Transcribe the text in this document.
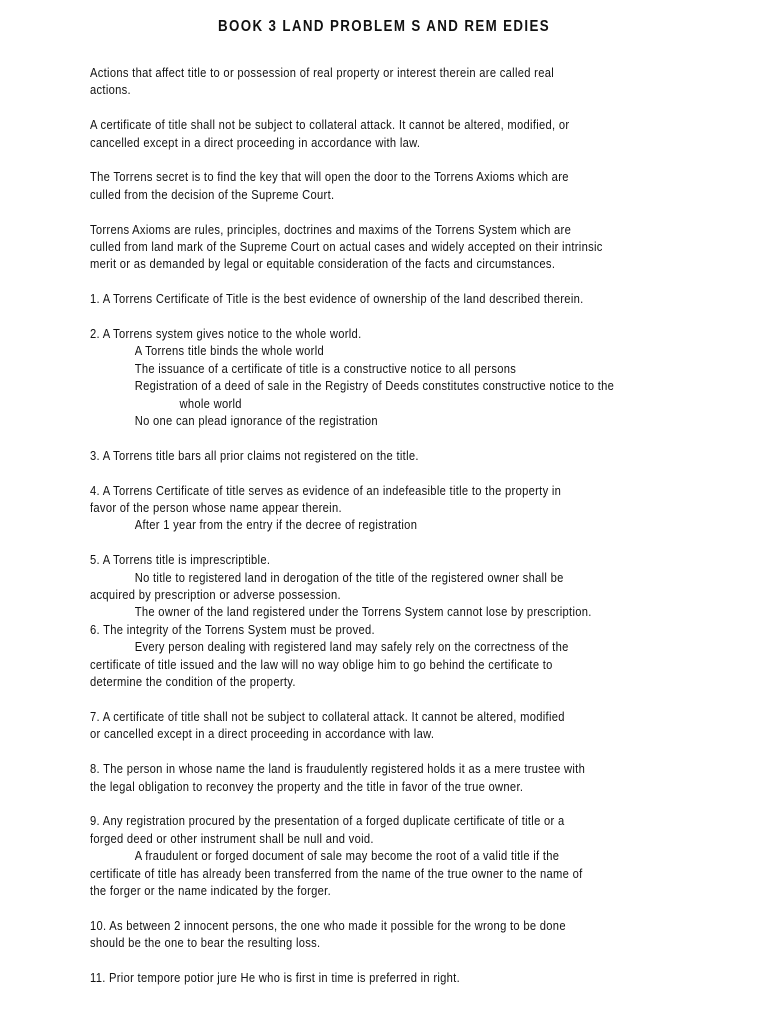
BOOK 3 LAND PROBLEM S AND REM EDIES
Actions that affect title to or possession of real property or interest therein are called real
actions.
A certificate of title shall not be subject to collateral attack. It cannot be altered, modified, or
cancelled except in a direct proceeding in accordance with law.
The Torrens secret is to find the key that will open the door to the Torrens Axioms which are
culled from the decision of the Supreme Court.
Torrens Axioms are rules, principles, doctrines and maxims of the Torrens System which are
culled from land mark of the Supreme Court on actual cases and widely accepted on their intrinsic
merit or as demanded by legal or equitable consideration of the facts and circumstances.
1. A Torrens Certificate of Title is the best evidence of ownership of the land described therein.
2. A Torrens system gives notice to the whole world.
A Torrens title binds the whole world
The issuance of a certificate of title is a constructive notice to all persons
Registration of a deed of sale in the Registry of Deeds constitutes constructive notice to the
whole world
No one can plead ignorance of the registration
3. A Torrens title bars all prior claims not registered on the title.
4. A Torrens Certificate of title serves as evidence of an indefeasible title to the property in
favor of the person whose name appear therein.
After 1 year from the entry if the decree of registration
5. A Torrens title is imprescriptible.
No title to registered land in derogation of the title of the registered owner shall be
acquired by prescription or adverse possession.
The owner of the land registered under the Torrens System cannot lose by prescription.
6. The integrity of the Torrens System must be proved.
Every person dealing with registered land may safely rely on the correctness of the
certificate of title issued and the law will no way oblige him to go behind the certificate to
determine the condition of the property.
7. A certificate of title shall not be subject to collateral attack. It cannot be altered, modified
or cancelled except in a direct proceeding in accordance with law.
8. The person in whose name the land is fraudulently registered holds it as a mere trustee with
the legal obligation to reconvey the property and the title in favor of the true owner.
9. Any registration procured by the presentation of a forged duplicate certificate of title or a
forged deed or other instrument shall be null and void.
A fraudulent or forged document of sale may become the root of a valid title if the
certificate of title has already been transferred from the name of the true owner to the name of
the forger or the name indicated by the forger.
10. As between 2 innocent persons, the one who made it possible for the wrong to be done
should be the one to bear the resulting loss.
11. Prior tempore potior jure He who is first in time is preferred in right.
